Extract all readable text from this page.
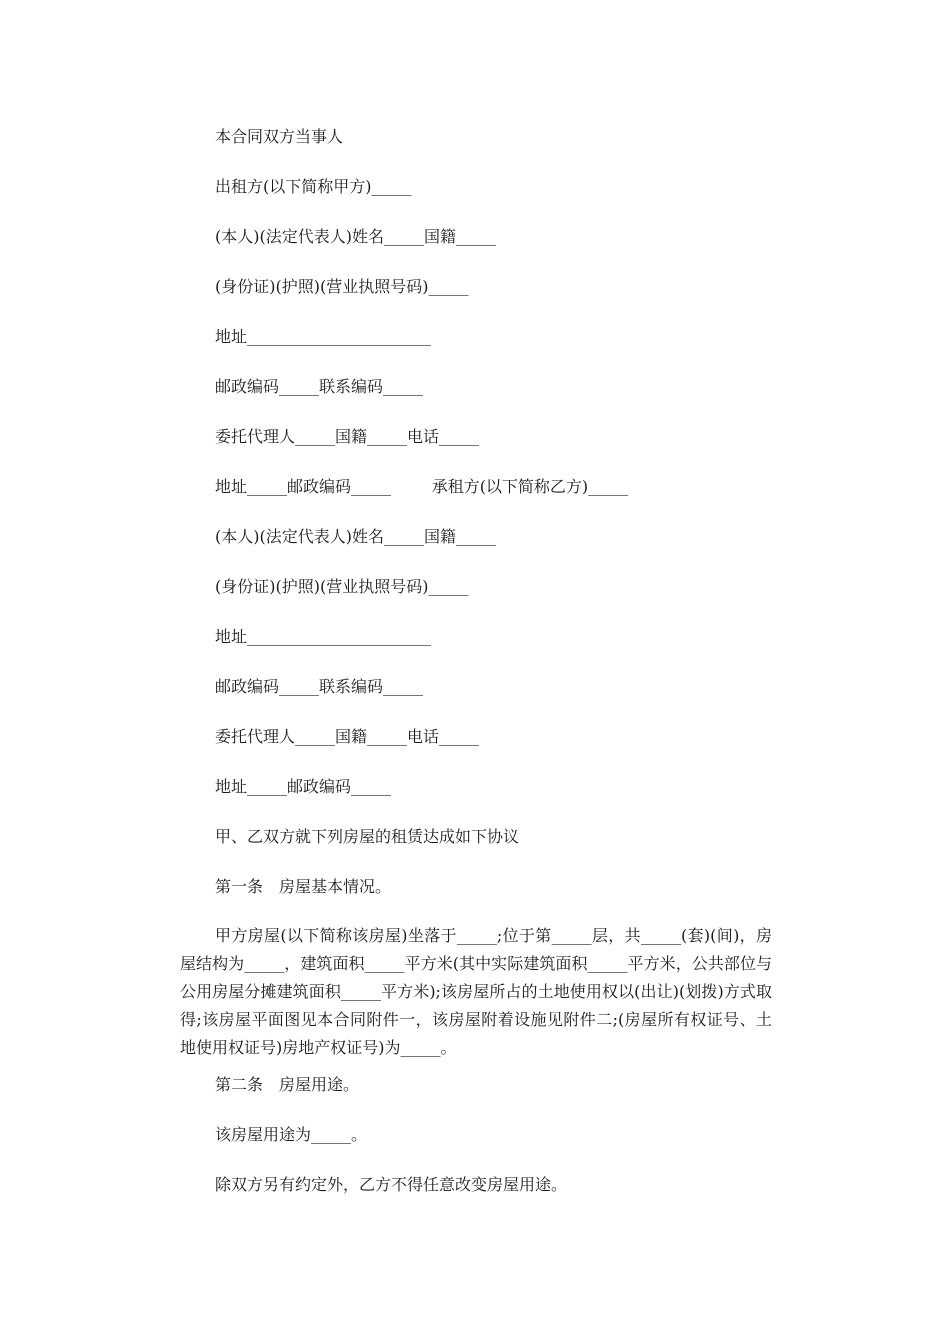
本合同双方当事人
出租方(以下简称甲方)_____
(本人)(法定代表人)姓名_____国籍_____
(身份证)(护照)(营业执照号码)_____
地址_______________________
邮政编码_____联系编码_____
委托代理人_____国籍_____电话_____
地址_____邮政编码_____        承租方(以下简称乙方)_____
(本人)(法定代表人)姓名_____国籍_____
(身份证)(护照)(营业执照号码)_____
地址_______________________
邮政编码_____联系编码_____
委托代理人_____国籍_____电话_____
地址_____邮政编码_____
甲、乙双方就下列房屋的租赁达成如下协议
第一条　房屋基本情况。
甲方房屋(以下简称该房屋)坐落于_____;位于第_____层，共_____(套)(间)，房屋结构为_____，建筑面积_____平方米(其中实际建筑面积_____平方米，公共部位与公用房屋分摊建筑面积_____平方米);该房屋所占的土地使用权以(出让)(划拨)方式取得;该房屋平面图见本合同附件一，该房屋附着设施见附件二;(房屋所有权证号、土地使用权证号)房地产权证号)为_____。
第二条　房屋用途。
该房屋用途为_____。
除双方另有约定外，乙方不得任意改变房屋用途。
